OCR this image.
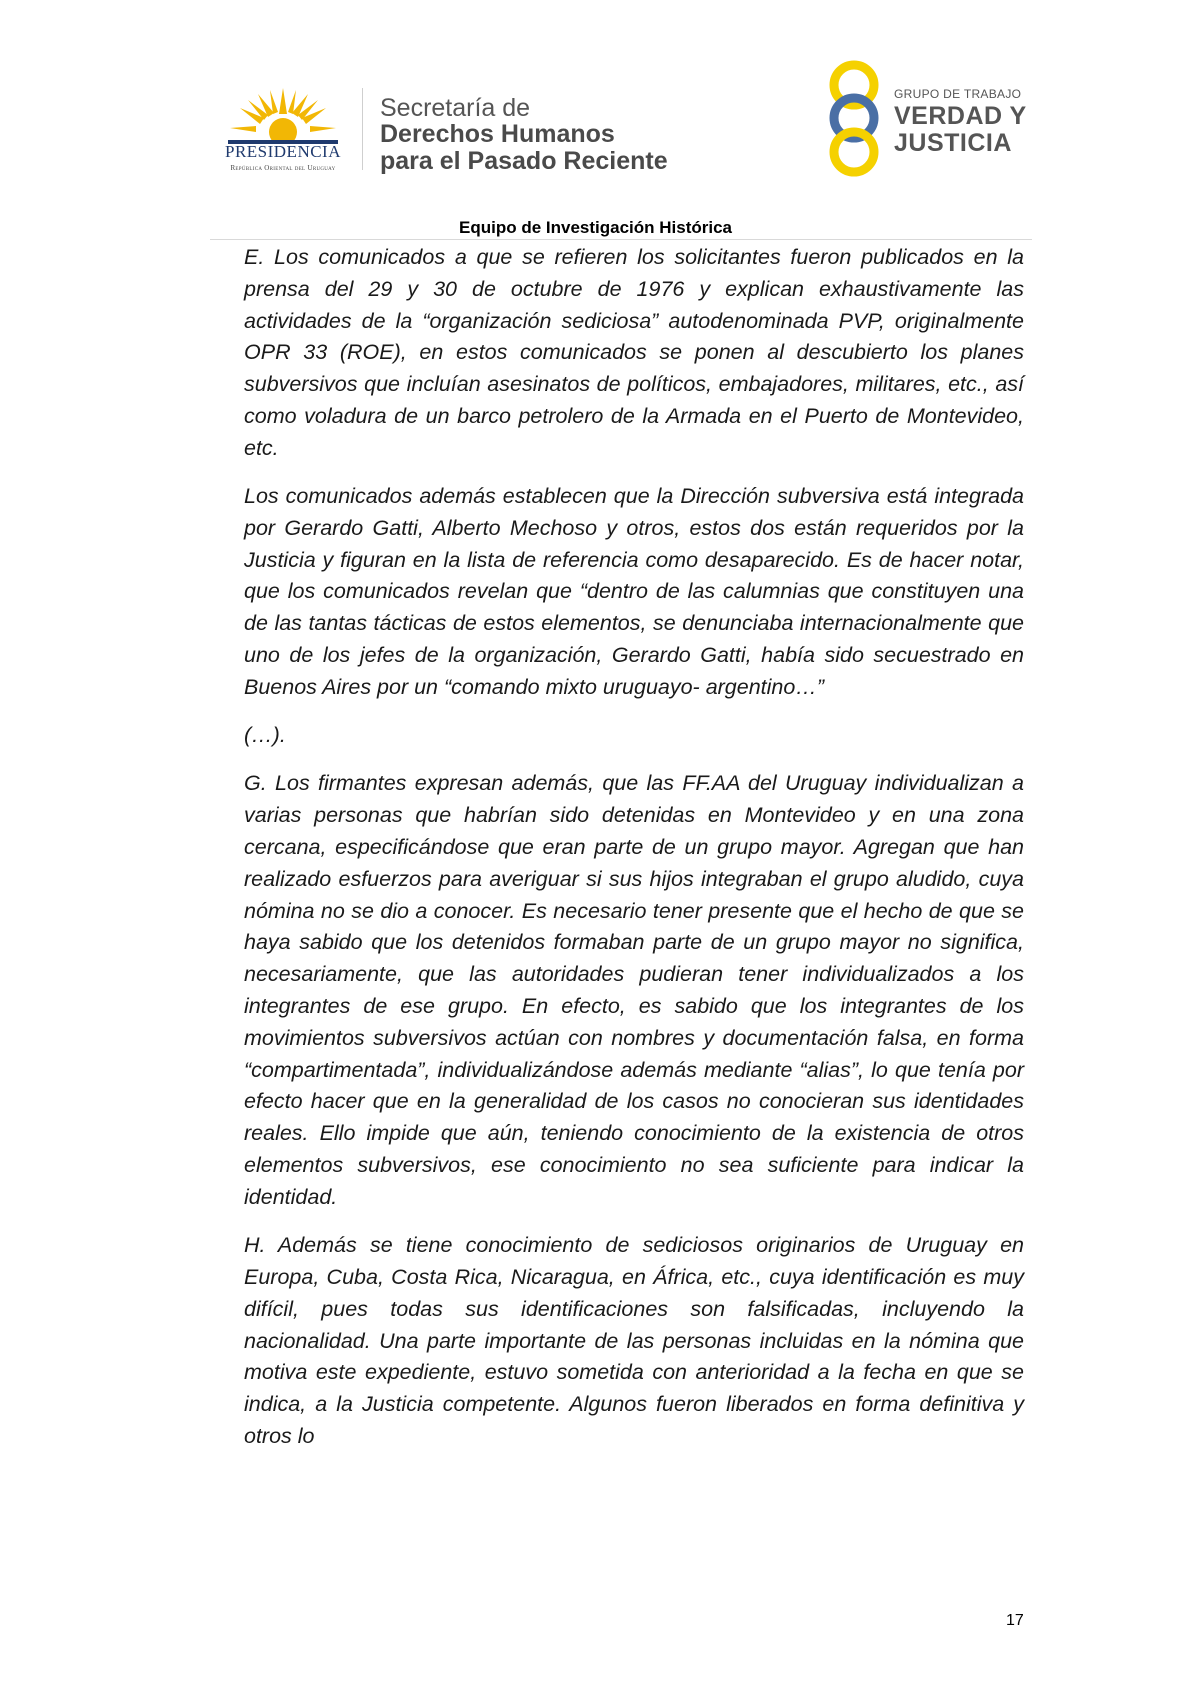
PRESIDENCIA
República Oriental del Uruguay
Secretaría de
Derechos Humanos
para el Pasado Reciente
GRUPO DE TRABAJO
VERDAD Y
JUSTICIA
Equipo de Investigación Histórica

E. Los comunicados a que se refieren los solicitantes fueron publicados en la prensa del 29 y 30 de octubre de 1976 y explican exhaustivamente las actividades de la “organización sediciosa” autodenominada PVP, originalmente OPR 33 (ROE), en estos comunicados se ponen al descubierto los planes subversivos que incluían asesinatos de políticos, embajadores, militares, etc., así como voladura de un barco petrolero de la Armada en el Puerto de Montevideo, etc.

Los comunicados además establecen que la Dirección subversiva está integrada por Gerardo Gatti, Alberto Mechoso y otros, estos dos están requeridos por la Justicia y figuran en la lista de referencia como desaparecido. Es de hacer notar, que los comunicados revelan que “dentro de las calumnias que constituyen una de las tantas tácticas de estos elementos, se denunciaba internacionalmente que uno de los jefes de la organización, Gerardo Gatti, había sido secuestrado en Buenos Aires por un “comando mixto uruguayo- argentino…”

(…).

G. Los firmantes expresan además, que las FF.AA del Uruguay individualizan a varias personas que habrían sido detenidas en Montevideo y en una zona cercana, especificándose que eran parte de un grupo mayor. Agregan que han realizado esfuerzos para averiguar si sus hijos integraban el grupo aludido, cuya nómina no se dio a conocer. Es necesario tener presente que el hecho de que se haya sabido que los detenidos formaban parte de un grupo mayor no significa, necesariamente, que las autoridades pudieran tener individualizados a los integrantes de ese grupo. En efecto, es sabido que los integrantes de los movimientos subversivos actúan con nombres y documentación falsa, en forma “compartimentada”, individualizándose además mediante “alias”, lo que tenía por efecto hacer que en la generalidad de los casos no conocieran sus identidades reales. Ello impide que aún, teniendo conocimiento de la existencia de otros elementos subversivos, ese conocimiento no sea suficiente para indicar la identidad.

H. Además se tiene conocimiento de sediciosos originarios de Uruguay en Europa, Cuba, Costa Rica, Nicaragua, en África, etc., cuya identificación es muy difícil, pues todas sus identificaciones son falsificadas, incluyendo la nacionalidad. Una parte importante de las personas incluidas en la nómina que motiva este expediente, estuvo sometida con anterioridad a la fecha en que se indica, a la Justicia competente. Algunos fueron liberados en forma definitiva y otros lo

17
